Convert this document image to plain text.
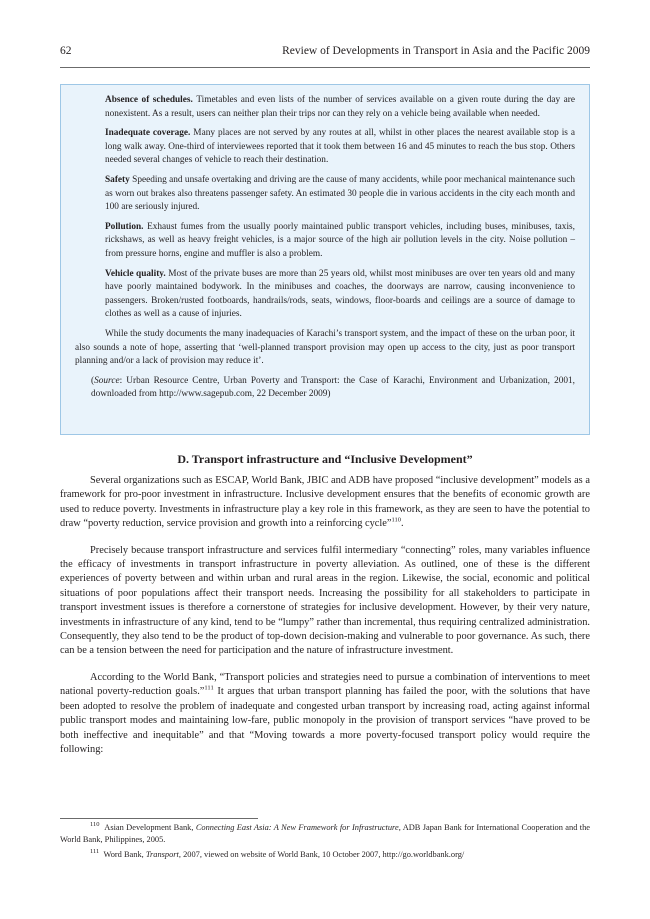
62	Review of Developments in Transport in Asia and the Pacific 2009

Absence of schedules. Timetables and even lists of the number of services available on a given route during the day are nonexistent. As a result, users can neither plan their trips nor can they rely on a vehicle being available when needed.

Inadequate coverage. Many places are not served by any routes at all, whilst in other places the nearest available stop is a long walk away. One-third of interviewees reported that it took them between 16 and 45 minutes to reach the bus stop. Others needed several changes of vehicle to reach their destination.

Safety Speeding and unsafe overtaking and driving are the cause of many accidents, while poor mechanical maintenance such as worn out brakes also threatens passenger safety. An estimated 30 people die in various accidents in the city each month and 100 are seriously injured.

Pollution. Exhaust fumes from the usually poorly maintained public transport vehicles, including buses, minibuses, taxis, rickshaws, as well as heavy freight vehicles, is a major source of the high air pollution levels in the city. Noise pollution – from pressure horns, engine and muffler is also a problem.

Vehicle quality. Most of the private buses are more than 25 years old, whilst most minibuses are over ten years old and many have poorly maintained bodywork. In the minibuses and coaches, the doorways are narrow, causing inconvenience to passengers. Broken/rusted footboards, handrails/rods, seats, windows, floor-boards and ceilings are a source of damage to clothes as well as a cause of injuries.

While the study documents the many inadequacies of Karachi’s transport system, and the impact of these on the urban poor, it also sounds a note of hope, asserting that ‘well-planned transport provision may open up access to the city, just as poor transport planning and/or a lack of provision may reduce it’.

(Source: Urban Resource Centre, Urban Poverty and Transport: the Case of Karachi, Environment and Urbanization, 2001, downloaded from http://www.sagepub.com, 22 December 2009)

D. Transport infrastructure and “Inclusive Development”

Several organizations such as ESCAP, World Bank, JBIC and ADB have proposed “inclusive development” models as a framework for pro-poor investment in infrastructure. Inclusive development ensures that the benefits of economic growth are used to reduce poverty. Investments in infrastructure play a key role in this framework, as they are seen to have the potential to draw “poverty reduction, service provision and growth into a reinforcing cycle”$^{110}$.

Precisely because transport infrastructure and services fulfil intermediary “connecting” roles, many variables influence the efficacy of investments in transport infrastructure in poverty alleviation. As outlined, one of these is the different experiences of poverty between and within urban and rural areas in the region. Likewise, the social, economic and political situations of poor populations affect their transport needs. Increasing the possibility for all stakeholders to participate in transport investment issues is therefore a cornerstone of strategies for inclusive development. However, by their very nature, investments in infrastructure of any kind, tend to be “lumpy” rather than incremental, thus requiring centralized administration. Consequently, they also tend to be the product of top-down decision-making and vulnerable to poor governance. As such, there can be a tension between the need for participation and the nature of infrastructure investment.

According to the World Bank, “Transport policies and strategies need to pursue a combination of interventions to meet national poverty-reduction goals.”$^{111}$ It argues that urban transport planning has failed the poor, with the solutions that have been adopted to resolve the problem of inadequate and congested urban transport by increasing road, acting against informal public transport modes and maintaining low-fare, public monopoly in the provision of transport services “have proved to be both ineffective and inequitable” and that “Moving towards a more poverty-focused transport policy would require the following:

$^{110}$ Asian Development Bank, Connecting East Asia: A New Framework for Infrastructure, ADB Japan Bank for International Cooperation and the World Bank, Philippines, 2005.

$^{111}$ Word Bank, Transport, 2007, viewed on website of World Bank, 10 October 2007, http://go.worldbank.org/
